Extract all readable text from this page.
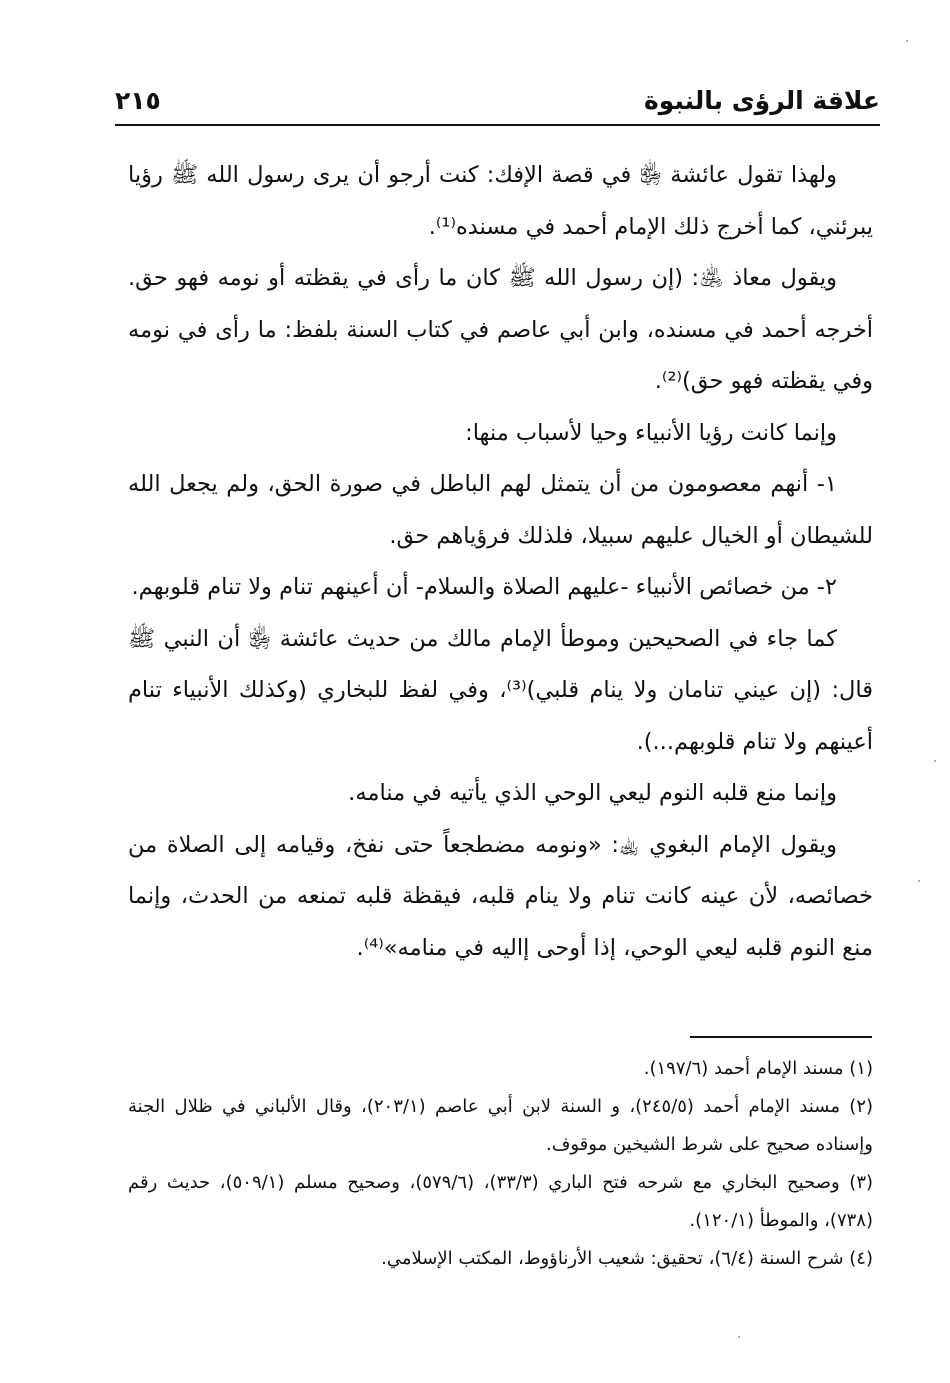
علاقة الرؤى بالنبوة
٢١٥

ولهذا تقول عائشة ﵂ في قصة الإفك: كنت أرجو أن يرى رسول الله ﷺ رؤيا يبرئني، كما أخرج ذلك الإمام أحمد في مسنده⁽¹⁾.

ويقول معاذ ﵁: (إن رسول الله ﷺ كان ما رأى في يقظته أو نومه فهو حق. أخرجه أحمد في مسنده، وابن أبي عاصم في كتاب السنة بلفظ: ما رأى في نومه وفي يقظته فهو حق)⁽²⁾.

وإنما كانت رؤيا الأنبياء وحيا لأسباب منها:

١- أنهم معصومون من أن يتمثل لهم الباطل في صورة الحق، ولم يجعل الله للشيطان أو الخيال عليهم سبيلا، فلذلك فرؤياهم حق.

٢- من خصائص الأنبياء -عليهم الصلاة والسلام- أن أعينهم تنام ولا تنام قلوبهم.

كما جاء في الصحيحين وموطأ الإمام مالك من حديث عائشة ﵂ أن النبي ﷺ قال: (إن عيني تنامان ولا ينام قلبي)⁽³⁾، وفي لفظ للبخاري (وكذلك الأنبياء تنام أعينهم ولا تنام قلوبهم...).

وإنما منع قلبه النوم ليعي الوحي الذي يأتيه في منامه.

ويقول الإمام البغوي ﵀: «ونومه مضطجعاً حتى نفخ، وقيامه إلى الصلاة من خصائصه، لأن عينه كانت تنام ولا ينام قلبه، فيقظة قلبه تمنعه من الحدث، وإنما منع النوم قلبه ليعي الوحي، إذا أوحى إاليه في منامه»⁽⁴⁾.

(١) مسند الإمام أحمد (١٩٧/٦).

(٢) مسند الإمام أحمد (٢٤٥/٥)، و السنة لابن أبي عاصم (٢٠٣/١)، وقال الألباني في ظلال الجنة وإسناده صحيح على شرط الشيخين موقوف.

(٣) وصحيح البخاري مع شرحه فتح الباري (٣٣/٣)، (٥٧٩/٦)، وصحيح مسلم (٥٠٩/١)، حديث رقم (٧٣٨)، والموطأ (١٢٠/١).

(٤) شرح السنة (٦/٤)، تحقيق: شعيب الأرناؤوط، المكتب الإسلامي.
